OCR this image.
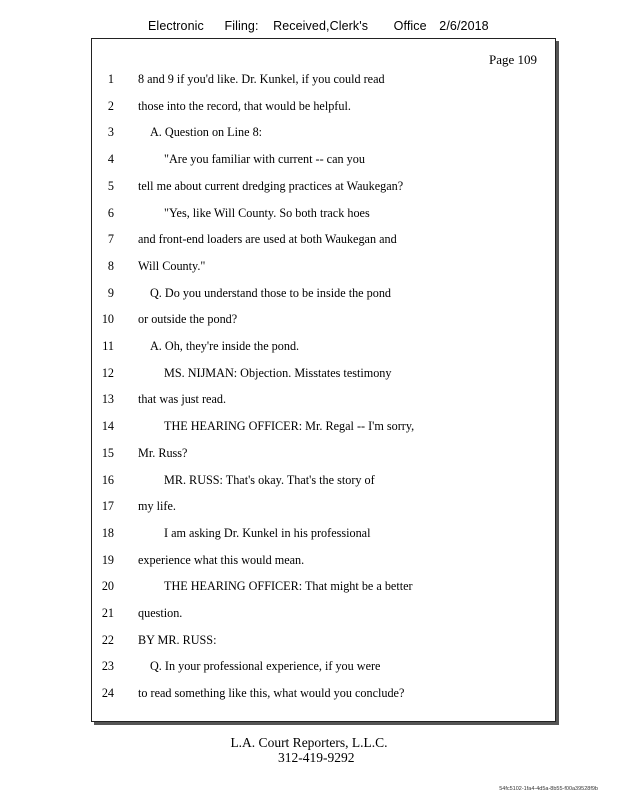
Electronic Filing: Received,Clerk's Office 2/6/2018
Page 109
1 8 and 9 if you'd like. Dr. Kunkel, if you could read
2 those into the record, that would be helpful.
3	A. Question on Line 8:
4	"Are you familiar with current -- can you
5 tell me about current dredging practices at Waukegan?
6	"Yes, like Will County. So both track hoes
7 and front-end loaders are used at both Waukegan and
8 Will County."
9	Q. Do you understand those to be inside the pond
10 or outside the pond?
11	A. Oh, they're inside the pond.
12	MS. NIJMAN: Objection. Misstates testimony
13 that was just read.
14	THE HEARING OFFICER: Mr. Regal -- I'm sorry,
15 Mr. Russ?
16	MR. RUSS: That's okay. That's the story of
17 my life.
18	I am asking Dr. Kunkel in his professional
19 experience what this would mean.
20	THE HEARING OFFICER: That might be a better
21 question.
22 BY MR. RUSS:
23	Q. In your professional experience, if you were
24 to read something like this, what would you conclude?
L.A. Court Reporters, L.L.C.
312-419-9292
54fc5102-1fa4-4d5a-8b55-f00a39528f9b
